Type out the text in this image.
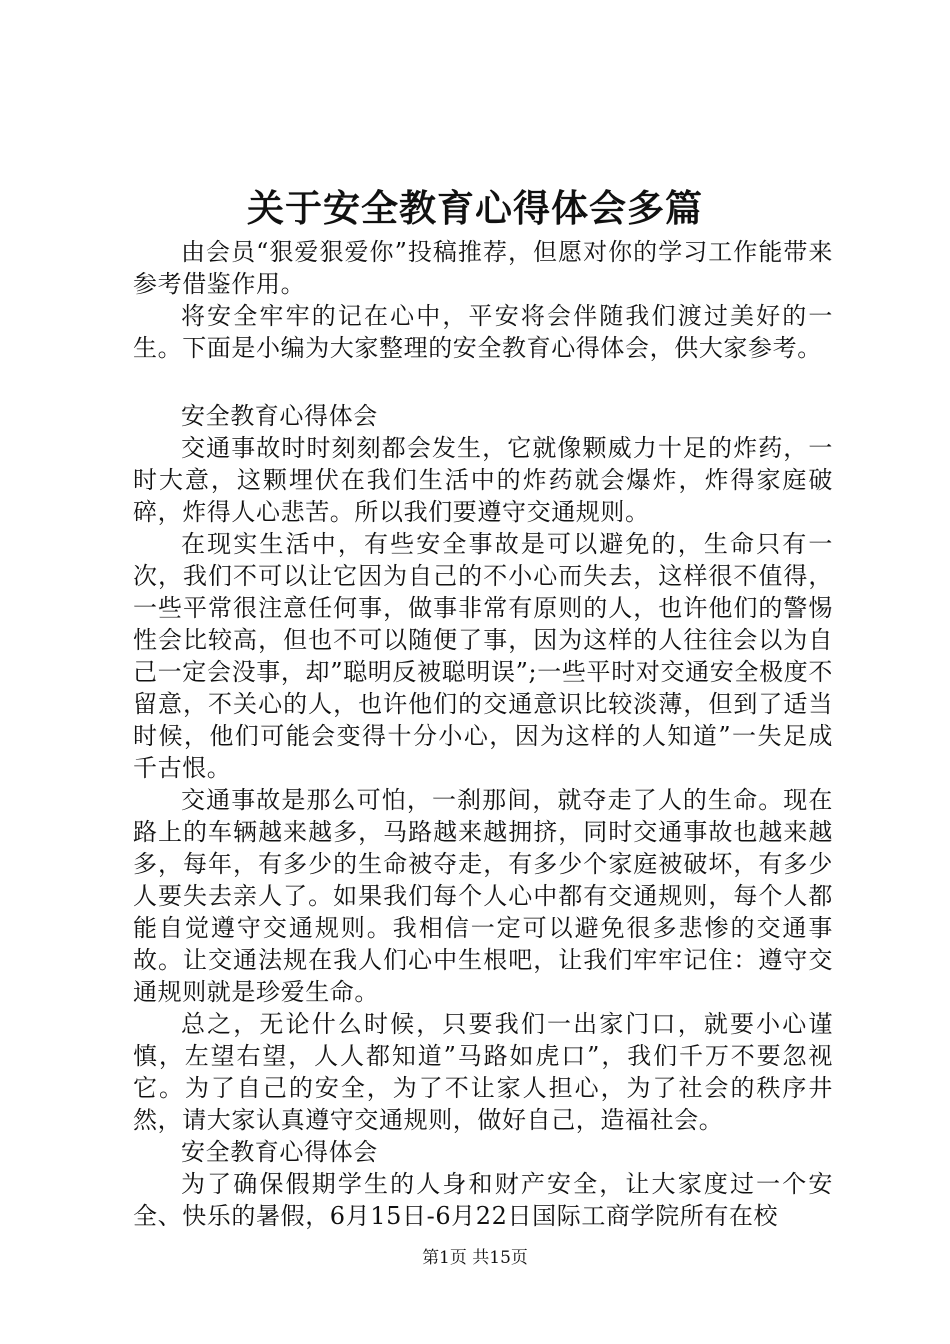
关于安全教育心得体会多篇

由会员“狠爱狠爱你”投稿推荐，但愿对你的学习工作能带来参考借鉴作用。

将安全牢牢的记在心中，平安将会伴随我们渡过美好的一生。下面是小编为大家整理的安全教育心得体会，供大家参考。

安全教育心得体会

交通事故时时刻刻都会发生，它就像颗威力十足的炸药，一时大意，这颗埋伏在我们生活中的炸药就会爆炸，炸得家庭破碎，炸得人心悲苦。所以我们要遵守交通规则。

在现实生活中，有些安全事故是可以避免的，生命只有一次，我们不可以让它因为自己的不小心而失去，这样很不值得，一些平常很注意任何事，做事非常有原则的人，也许他们的警惕性会比较高，但也不可以随便了事，因为这样的人往往会以为自己一定会没事，却”聪明反被聪明误”;一些平时对交通安全极度不留意，不关心的人，也许他们的交通意识比较淡薄，但到了适当时候，他们可能会变得十分小心，因为这样的人知道”一失足成千古恨。

交通事故是那么可怕，一刹那间，就夺走了人的生命。现在路上的车辆越来越多，马路越来越拥挤，同时交通事故也越来越多，每年，有多少的生命被夺走，有多少个家庭被破坏，有多少人要失去亲人了。如果我们每个人心中都有交通规则，每个人都能自觉遵守交通规则。我相信一定可以避免很多悲惨的交通事故。让交通法规在我人们心中生根吧，让我们牢牢记住：遵守交通规则就是珍爱生命。

总之，无论什么时候，只要我们一出家门口，就要小心谨慎，左望右望，人人都知道”马路如虎口”，我们千万不要忽视它。为了自己的安全，为了不让家人担心，为了社会的秩序井然，请大家认真遵守交通规则，做好自己，造福社会。

安全教育心得体会

为了确保假期学生的人身和财产安全，让大家度过一个安全、快乐的暑假，6月15日-6月22日国际工商学院所有在校

第1页 共15页
